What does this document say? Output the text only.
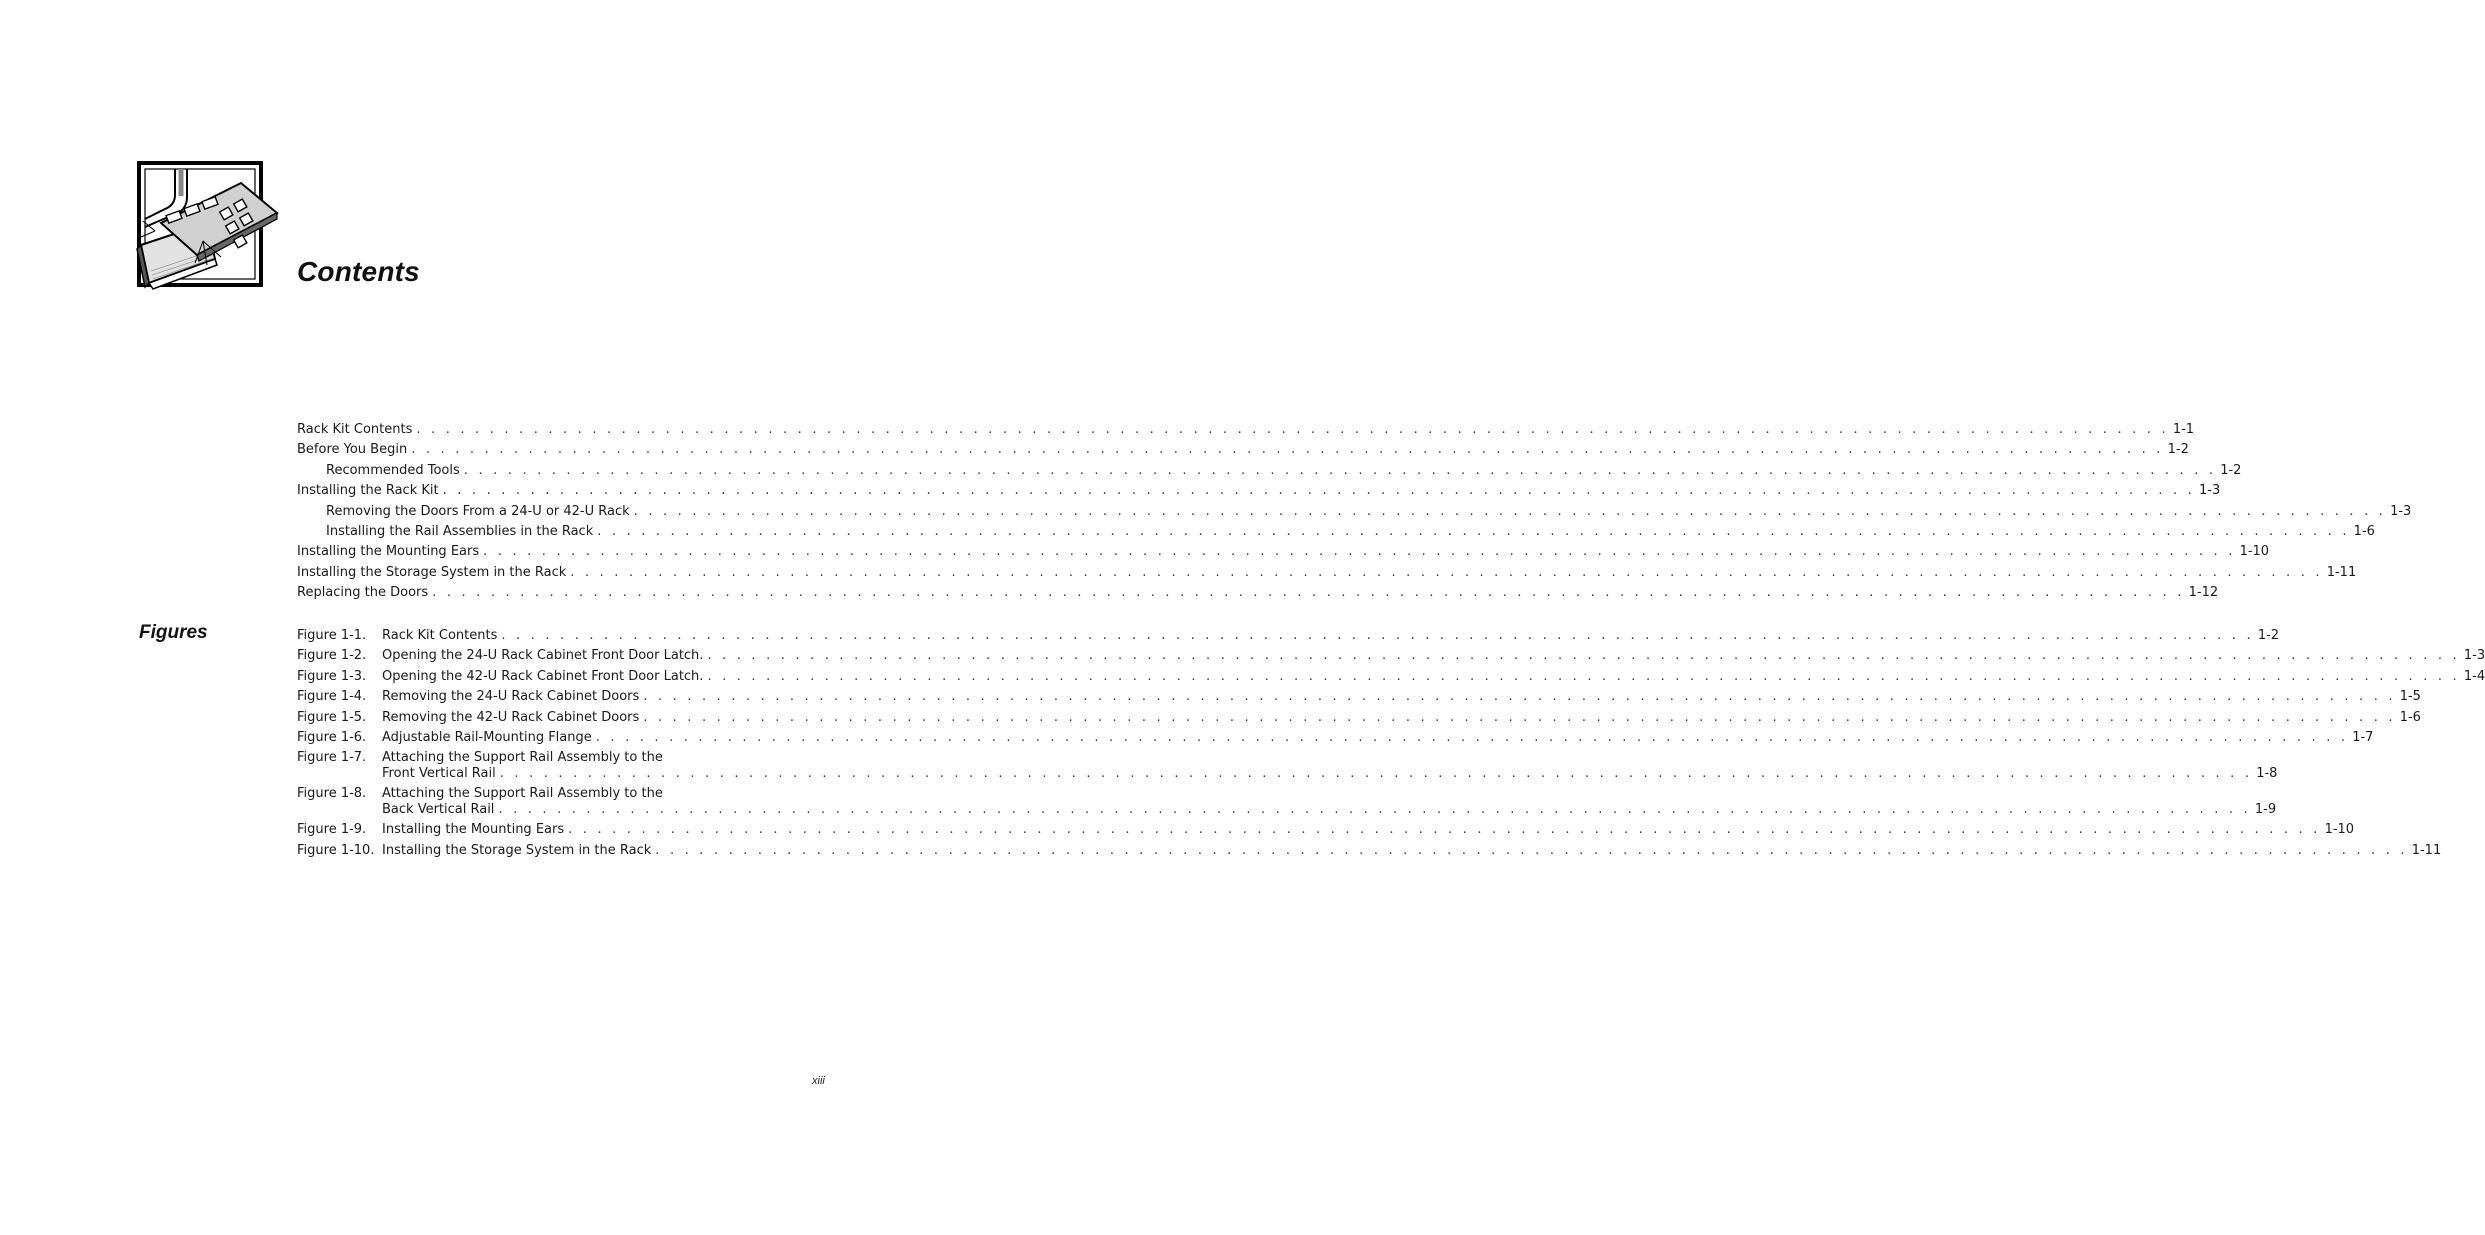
Contents
Rack Kit Contents . . . . . . . . . . . . . . . . . . . . . . . . . . . . . . . . . . . . . . . . . . . . . . . . . . . . . . . . . . . . . . . . . . . . . . . . . . . . . . . . . . . . . . . . . . . . . . . . . . . . . . . . . . . . . . . . . . . . . . . . 1-1
Before You Begin . . . . . . . . . . . . . . . . . . . . . . . . . . . . . . . . . . . . . . . . . . . . . . . . . . . . . . . . . . . . . . . . . . . . . . . . . . . . . . . . . . . . . . . . . . . . . . . . . . . . . . . . . . . . . . . . . . . . . . . . 1-2
Recommended Tools . . . . . . . . . . . . . . . . . . . . . . . . . . . . . . . . . . . . . . . . . . . . . . . . . . . . . . . . . . . . . . . . . . . . . . . . . . . . . . . . . . . . . . . . . . . . . . . . . . . . . . . . . . . . . . . . . . . . . . . . 1-2
Installing the Rack Kit . . . . . . . . . . . . . . . . . . . . . . . . . . . . . . . . . . . . . . . . . . . . . . . . . . . . . . . . . . . . . . . . . . . . . . . . . . . . . . . . . . . . . . . . . . . . . . . . . . . . . . . . . . . . . . . . . . . . . . . . 1-3
Removing the Doors From a 24-U or 42-U Rack . . . . . . . . . . . . . . . . . . . . . . . . . . . . . . . . . . . . . . . . . . . . . . . . . . . . . . . . . . . . . . . . . . . . . . . . . . . . . . . . . . . . . . . . . . . . . . . . . . . . . . . . . . . . . . . . . . . . . . . . 1-3
Installing the Rail Assemblies in the Rack . . . . . . . . . . . . . . . . . . . . . . . . . . . . . . . . . . . . . . . . . . . . . . . . . . . . . . . . . . . . . . . . . . . . . . . . . . . . . . . . . . . . . . . . . . . . . . . . . . . . . . . . . . . . . . . . . . . . . . . . 1-6
Installing the Mounting Ears . . . . . . . . . . . . . . . . . . . . . . . . . . . . . . . . . . . . . . . . . . . . . . . . . . . . . . . . . . . . . . . . . . . . . . . . . . . . . . . . . . . . . . . . . . . . . . . . . . . . . . . . . . . . . . . . . . . . . . . . 1-10
Installing the Storage System in the Rack . . . . . . . . . . . . . . . . . . . . . . . . . . . . . . . . . . . . . . . . . . . . . . . . . . . . . . . . . . . . . . . . . . . . . . . . . . . . . . . . . . . . . . . . . . . . . . . . . . . . . . . . . . . . . . . . . . . . . . . . 1-11
Replacing the Doors . . . . . . . . . . . . . . . . . . . . . . . . . . . . . . . . . . . . . . . . . . . . . . . . . . . . . . . . . . . . . . . . . . . . . . . . . . . . . . . . . . . . . . . . . . . . . . . . . . . . . . . . . . . . . . . . . . . . . . . . 1-12
Figures	Figure 1-1. Rack Kit Contents . . . . . . . . . . . . . . . . . . . . . . . . . . . . . . . . . . . . . . . . . . . . . . . . . . . . . . . . . . . . . . . . . . . . . . . . . . . . . . . . . . . . . . . . . . . . . . . . . . . . . . . . . . . . . . . . . . . . . . . . 1-2
Figure 1-2. Opening the 24-U Rack Cabinet Front Door Latch. . . . . . . . . . . . . . . . . . . . . . . . . . . . . . . . . . . . . . . . . . . . . . . . . . . . . . . . . . . . . . . . . . . . . . . . . . . . . . . . . . . . . . . . . . . . . . . . . . . . . . . . . . . . . . . . . . . . . . . . . 1-3
Figure 1-3. Opening the 42-U Rack Cabinet Front Door Latch. . . . . . . . . . . . . . . . . . . . . . . . . . . . . . . . . . . . . . . . . . . . . . . . . . . . . . . . . . . . . . . . . . . . . . . . . . . . . . . . . . . . . . . . . . . . . . . . . . . . . . . . . . . . . . . . . . . . . . . . . 1-4
Figure 1-4. Removing the 24-U Rack Cabinet Doors . . . . . . . . . . . . . . . . . . . . . . . . . . . . . . . . . . . . . . . . . . . . . . . . . . . . . . . . . . . . . . . . . . . . . . . . . . . . . . . . . . . . . . . . . . . . . . . . . . . . . . . . . . . . . . . . . . . . . . . . 1-5
Figure 1-5. Removing the 42-U Rack Cabinet Doors . . . . . . . . . . . . . . . . . . . . . . . . . . . . . . . . . . . . . . . . . . . . . . . . . . . . . . . . . . . . . . . . . . . . . . . . . . . . . . . . . . . . . . . . . . . . . . . . . . . . . . . . . . . . . . . . . . . . . . . . 1-6
Figure 1-6. Adjustable Rail-Mounting Flange . . . . . . . . . . . . . . . . . . . . . . . . . . . . . . . . . . . . . . . . . . . . . . . . . . . . . . . . . . . . . . . . . . . . . . . . . . . . . . . . . . . . . . . . . . . . . . . . . . . . . . . . . . . . . . . . . . . . . . . . 1-7
Figure 1-7. Attaching the Support Rail Assembly to the
Front Vertical Rail . . . . . . . . . . . . . . . . . . . . . . . . . . . . . . . . . . . . . . . . . . . . . . . . . . . . . . . . . . . . . . . . . . . . . . . . . . . . . . . . . . . . . . . . . . . . . . . . . . . . . . . . . . . . . . . . . . . . . . . . 1-8
Figure 1-8. Attaching the Support Rail Assembly to the
Back Vertical Rail . . . . . . . . . . . . . . . . . . . . . . . . . . . . . . . . . . . . . . . . . . . . . . . . . . . . . . . . . . . . . . . . . . . . . . . . . . . . . . . . . . . . . . . . . . . . . . . . . . . . . . . . . . . . . . . . . . . . . . . . 1-9
Figure 1-9. Installing the Mounting Ears . . . . . . . . . . . . . . . . . . . . . . . . . . . . . . . . . . . . . . . . . . . . . . . . . . . . . . . . . . . . . . . . . . . . . . . . . . . . . . . . . . . . . . . . . . . . . . . . . . . . . . . . . . . . . . . . . . . . . . . . 1-10
Figure 1-10. Installing the Storage System in the Rack . . . . . . . . . . . . . . . . . . . . . . . . . . . . . . . . . . . . . . . . . . . . . . . . . . . . . . . . . . . . . . . . . . . . . . . . . . . . . . . . . . . . . . . . . . . . . . . . . . . . . . . . . . . . . . . . . . . . . . . . 1-11
xiii
